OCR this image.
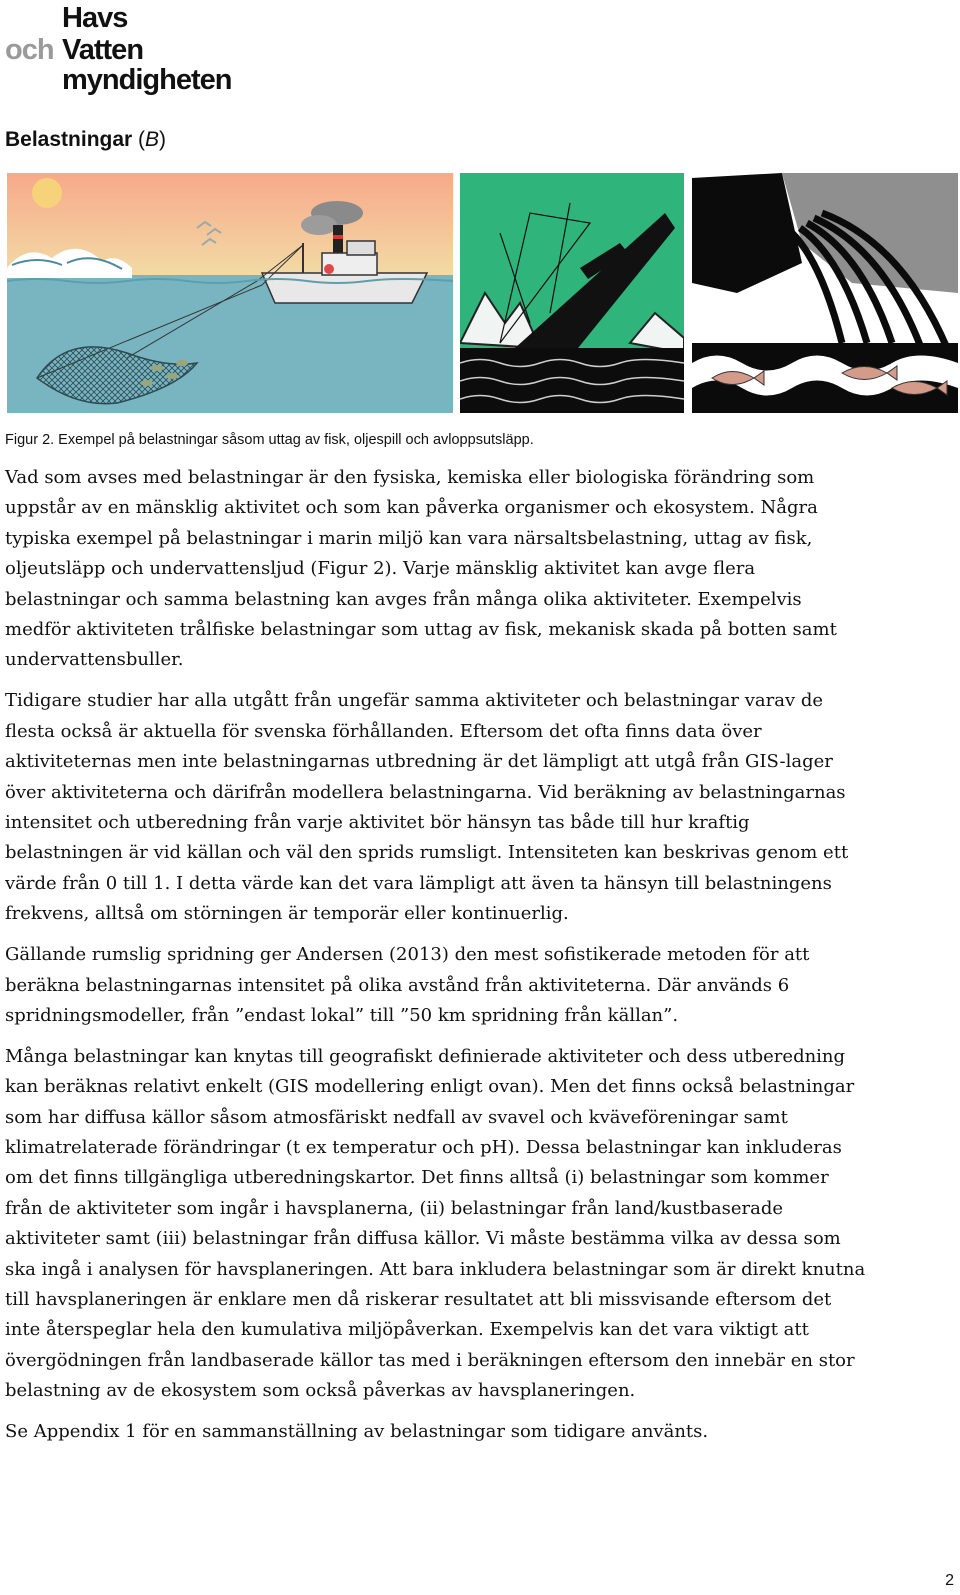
Havs
och Vatten
myndigheten
Belastningar (B)
Figur 2. Exempel på belastningar såsom uttag av fisk, oljespill och avloppsutsläpp.

Vad som avses med belastningar är den fysiska, kemiska eller biologiska förändring som
uppstår av en mänsklig aktivitet och som kan påverka organismer och ekosystem. Några
typiska exempel på belastningar i marin miljö kan vara närsaltsbelastning, uttag av fisk,
oljeutsläpp och undervattensljud (Figur 2). Varje mänsklig aktivitet kan avge flera
belastningar och samma belastning kan avges från många olika aktiviteter. Exempelvis
medför aktiviteten trålfiske belastningar som uttag av fisk, mekanisk skada på botten samt
undervattensbuller.

Tidigare studier har alla utgått från ungefär samma aktiviteter och belastningar varav de
flesta också är aktuella för svenska förhållanden. Eftersom det ofta finns data över
aktiviteternas men inte belastningarnas utbredning är det lämpligt att utgå från GIS-lager
över aktiviteterna och därifrån modellera belastningarna. Vid beräkning av belastningarnas
intensitet och utberedning från varje aktivitet bör hänsyn tas både till hur kraftig
belastningen är vid källan och väl den sprids rumsligt. Intensiteten kan beskrivas genom ett
värde från 0 till 1. I detta värde kan det vara lämpligt att även ta hänsyn till belastningens
frekvens, alltså om störningen är temporär eller kontinuerlig.

Gällande rumslig spridning ger Andersen (2013) den mest sofistikerade metoden för att
beräkna belastningarnas intensitet på olika avstånd från aktiviteterna. Där används 6
spridningsmodeller, från ”endast lokal” till ”50 km spridning från källan”.

Många belastningar kan knytas till geografiskt definierade aktiviteter och dess utberedning
kan beräknas relativt enkelt (GIS modellering enligt ovan). Men det finns också belastningar
som har diffusa källor såsom atmosfäriskt nedfall av svavel och kväveföreningar samt
klimatrelaterade förändringar (t ex temperatur och pH). Dessa belastningar kan inkluderas
om det finns tillgängliga utberedningskartor. Det finns alltså (i) belastningar som kommer
från de aktiviteter som ingår i havsplanerna, (ii) belastningar från land/kustbaserade
aktiviteter samt (iii) belastningar från diffusa källor. Vi måste bestämma vilka av dessa som
ska ingå i analysen för havsplaneringen. Att bara inkludera belastningar som är direkt knutna
till havsplaneringen är enklare men då riskerar resultatet att bli missvisande eftersom det
inte återspeglar hela den kumulativa miljöpåverkan. Exempelvis kan det vara viktigt att
övergödningen från landbaserade källor tas med i beräkningen eftersom den innebär en stor
belastning av de ekosystem som också påverkas av havsplaneringen.

Se Appendix 1 för en sammanställning av belastningar som tidigare använts.

2
